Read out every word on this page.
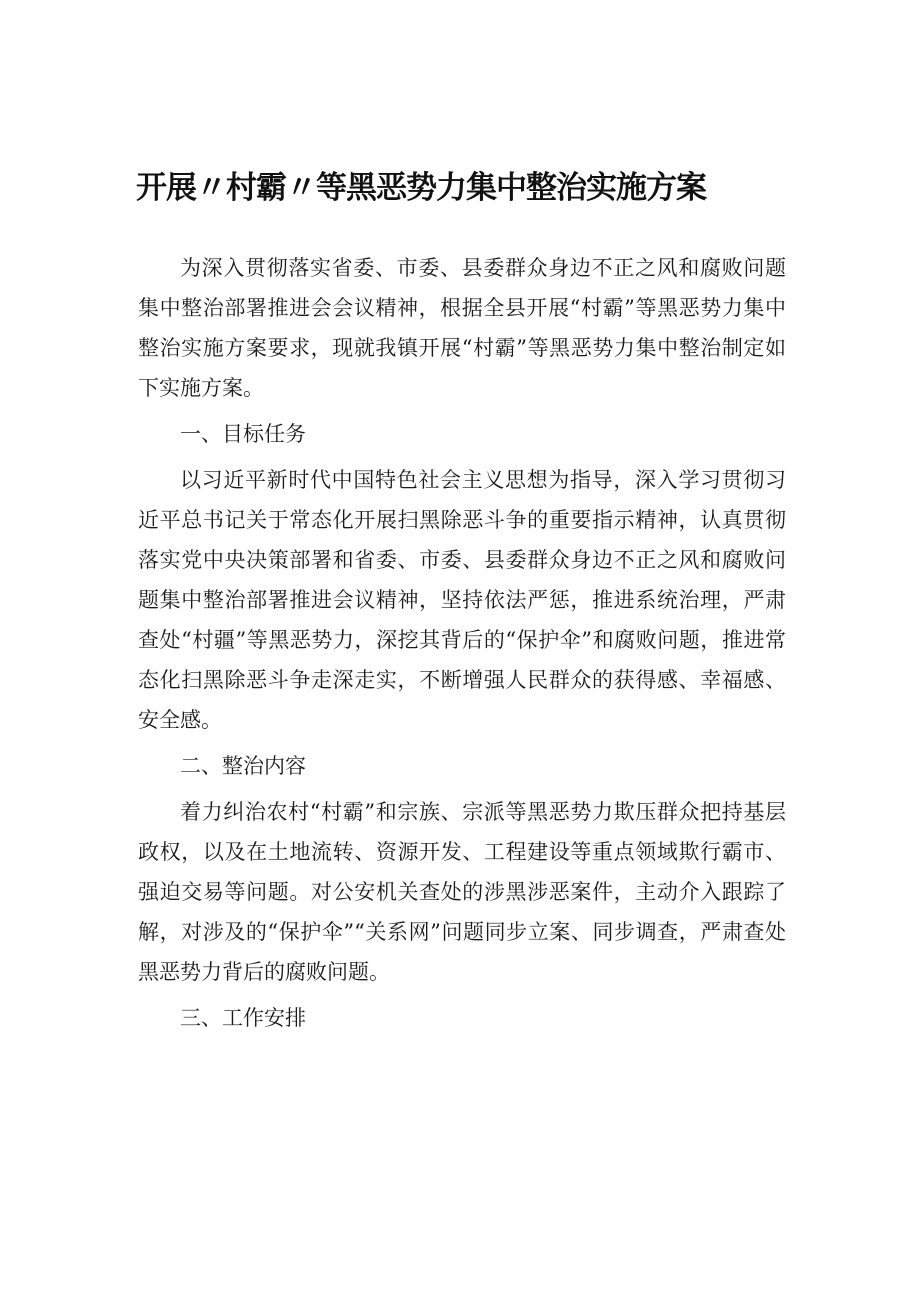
开展〃村霸〃等黑恶势力集中整治实施方案

为深入贯彻落实省委、市委、县委群众身边不正之风和腐败问题集中整治部署推进会会议精神，根据全县开展“村霸”等黑恶势力集中整治实施方案要求，现就我镇开展“村霸”等黑恶势力集中整治制定如下实施方案。

一、目标任务

以习近平新时代中国特色社会主义思想为指导，深入学习贯彻习近平总书记关于常态化开展扫黑除恶斗争的重要指示精神，认真贯彻落实党中央决策部署和省委、市委、县委群众身边不正之风和腐败问题集中整治部署推进会议精神，坚持依法严惩，推进系统治理，严肃查处“村疆”等黑恶势力，深挖其背后的“保护伞”和腐败问题，推进常态化扫黑除恶斗争走深走实，不断增强人民群众的获得感、幸福感、安全感。

二、整治内容

着力纠治农村“村霸”和宗族、宗派等黑恶势力欺压群众把持基层政权，以及在土地流转、资源开发、工程建设等重点领域欺行霸市、强迫交易等问题。对公安机关查处的涉黑涉恶案件，主动介入跟踪了解，对涉及的“保护伞”“关系网”问题同步立案、同步调查，严肃查处黑恶势力背后的腐败问题。

三、工作安排
